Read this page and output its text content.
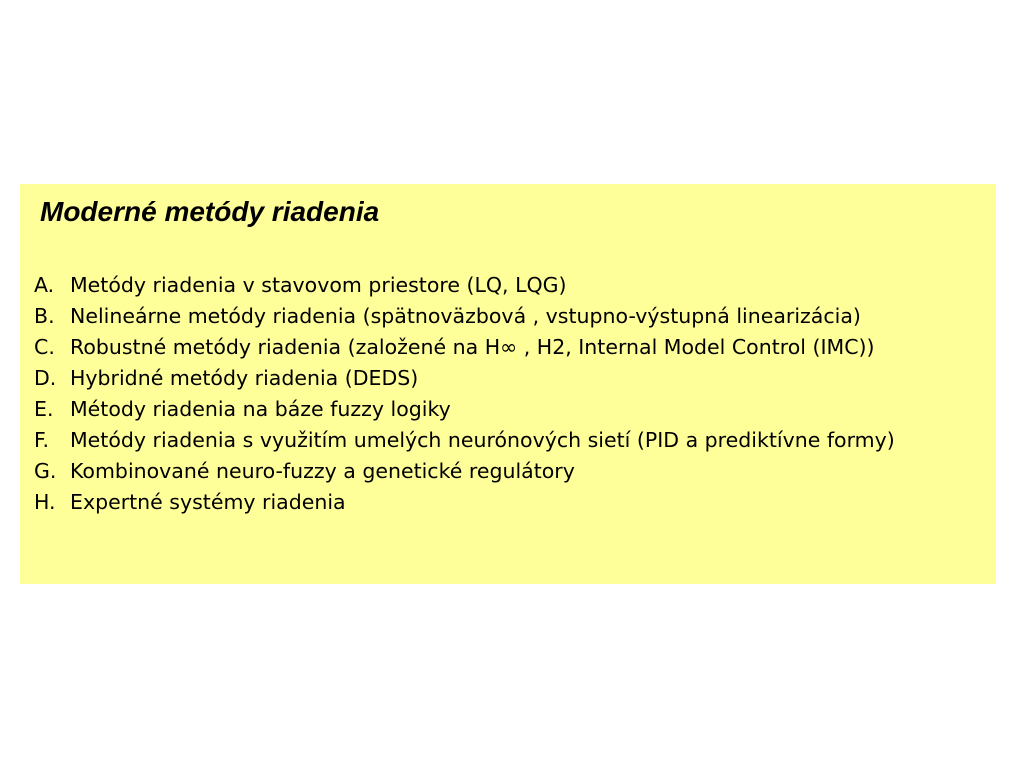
Moderné metódy riadenia
A. Metódy riadenia v stavovom priestore (LQ, LQG)
B. Nelineárne metódy riadenia (spätnoväzbová , vstupno-výstupná linearizácia)
C. Robustné metódy riadenia (založené na H∞ , H2, Internal Model Control (IMC))
D. Hybridné metódy riadenia (DEDS)
E. Métody riadenia na báze fuzzy logiky
F.	Metódy riadenia s využitím umelých neurónových sietí (PID a prediktívne formy)
G. Kombinované neuro-fuzzy a genetické regulátory
H. Expertné systémy riadenia
